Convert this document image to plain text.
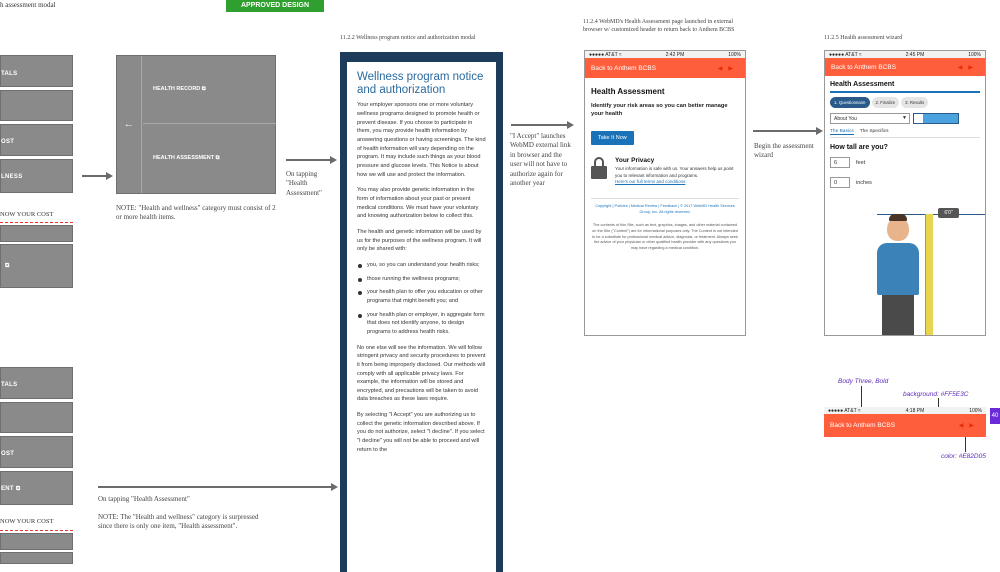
h assessment modal	APPROVED DESIGN
TALS
OST
LNESS
NOW YOUR COST
⧉
TALS
OST
ENT ⧉
NOW YOUR COST
←
HEALTH RECORD ⧉
HEALTH ASSESSMENT ⧉
NOTE: "Health and wellness" category must consist of 2 or more health items.
On tapping "Health Assessment"
"I Accept" launches WebMD external link in browser and the user will not have to authorize again for another year
Begin the assessment wizard
On tapping "Health Assessment"
NOTE: The "Health and wellness" category is surpressed since there is only one item, "Health assessment".
11.2.2 Wellness program notice and authorization modal
Wellness program notice and authorization

Your employer sponsors one or more voluntary wellness programs designed to promote health or prevent disease. If you choose to participate in them, you may provide health information by answering questions or having screenings. The kind of health information will vary depending on the program. It may include such things as your blood pressure and glucose levels. This Notice is about how we will use and protect the information.

You may also provide genetic information in the form of information about your past or present medical conditions. We must have your voluntary and knowing authorization below to collect this.

The health and genetic information will be used by us for the purposes of the wellness program. It will only be shared with:

you, so you can understand your health risks;
those running the wellness programs;
your health plan to offer you education or other programs that might benefit you; and
your health plan or employer, in aggregate form that does not identify anyone, to design programs to address health risks.

No one else will see the information. We will follow stringent privacy and security procedures to prevent it from being improperly disclosed. Our methods will comply with all applicable privacy laws. For example, the information will be stored and encrypted, and precautions will be taken to avoid data breaches as these laws require.

By selecting "I Accept" you are authorizing us to collect the genetic information described above. If you do not authorize, select "I decline". If you select "I decline" you will not be able to proceed and will return to the

11.2.4 WebMD's Health Assessment page launched in external browser w/ customized header to return back to Anthem BCBS
●●●●● AT&T ≈	2:42 PM	100%
Back to Anthem BCBS	◀▶
Health Assessment
Identify your risk areas so you can better manage your health
Take It Now
Your Privacy
Your information is safe with us. Your answers help us point you to relevant information and programs.
Here's our full terms and conditions
Copyright | Policies | Medical Review | Feedback | © 2017 WebMD Health Services Group, Inc. All rights reserved.
The contents of this Site, such as text, graphics, images, and other material contained on the Site ("Content") are for informational purposes only. The Content is not intended to be a substitute for professional medical advice, diagnosis, or treatment. Always seek the advice of your physician or other qualified health provider with any questions you may have regarding a medical condition.
11.2.5 Health assessment wizard
●●●●● AT&T ≈	2:45 PM	100%
Back to Anthem BCBS	◀▶
Health Assessment
1. Questionnaire	2. Finalize	3. Results
About You	▼
The Basics The Specifics
How tall are you?
6	feet
0	inches
6'0"
Body Three, Bold
background: #FF5E3C
color: #E82D05
●●●●● AT&T ≈	4:18 PM	100%
Back to Anthem BCBS	◀▶
40
